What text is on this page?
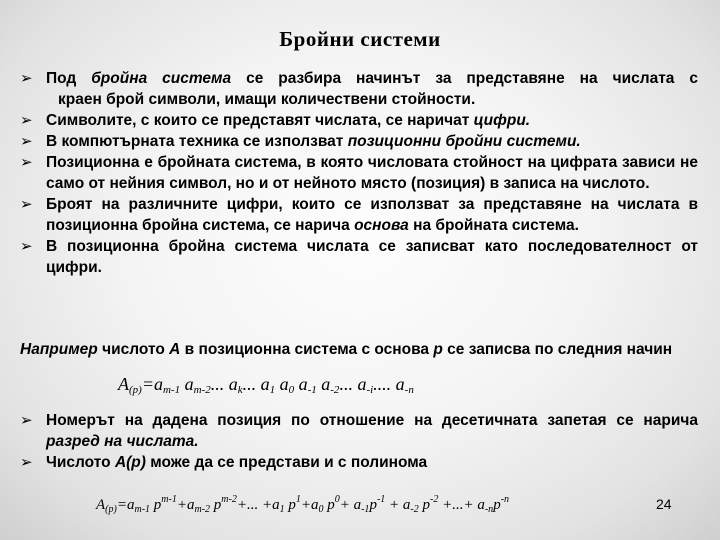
Бройни системи

➢ Под бройна система се разбира начинът за представяне на числата с

краен брой символи, имащи количествени стойности.

➢ Символите, с които се представят числата, се наричат цифри.

➢ В компютърната техника се използват позиционни бройни системи.

➢ Позиционна е бройната система, в която числовата стойност на цифрата зависи не само от нейния символ, но и от нейното място (позиция) в записа на числото.

➢ Броят на различните цифри, които се използват за представяне на числата в позиционна бройна система, се нарича основа на бройната система.

➢ В позиционна бройна система числата се записват като последователност от цифри.

Например числото А в позиционна система с основа p се записва по следния начин

$A_{(p)}=a_{m-1}$ $a_{m-2}$... $a_k$... $a_1$ $a_0$ $a_{-1}$ $a_{-2}$... $a_{-i}$.... $a_{-n}$

➢ Номерът на дадена позиция по отношение на десетичната запетая се нарича разред на числата.

➢ Числото А(p) може да се представи и с полинома

$A_{(p)}=a_{m-1}$ $p^{m-1}+a_{m-2}$ $p^{m-2}+$... $+a_1$ $p^1+a_0$ $p^0+ a_{-1}p^{-1} + a_{-2}$ $p^{-2}$ +...+ $a_{-n}p^{-n}$	24
